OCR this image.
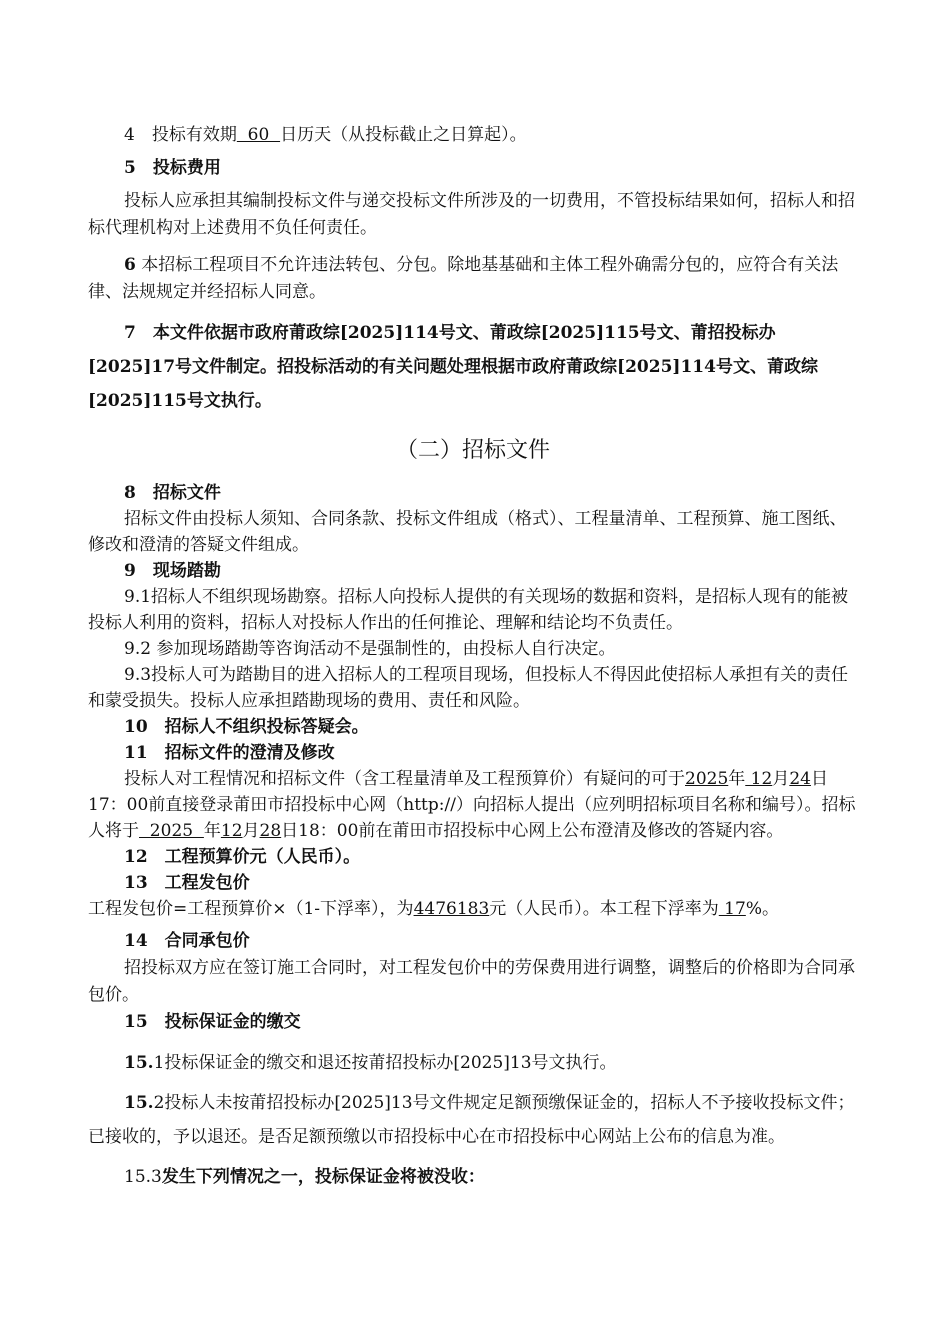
4　 投标有效期  60  日历天（从投标截止之日算起）。

5　投标费用

投标人应承担其编制投标文件与递交投标文件所涉及的一切费用，不管投标结果如何，招标人和招标代理机构对上述费用不负任何责任。

6 本招标工程项目不允许违法转包、分包。除地基基础和主体工程外确需分包的，应符合有关法律、法规规定并经招标人同意。

7　 本文件依据市政府莆政综[2025]114号文、莆政综[2025]115号文、莆招投标办[2025]17号文件制定。招投标活动的有关问题处理根据市政府莆政综[2025]114号文、莆政综[2025]115号文执行。

（二）招标文件

8　招标文件

招标文件由投标人须知、合同条款、投标文件组成（格式）、工程量清单、工程预算、施工图纸、修改和澄清的答疑文件组成。

9　现场踏勘

9.1招标人不组织现场勘察。招标人向投标人提供的有关现场的数据和资料，是招标人现有的能被投标人利用的资料，招标人对投标人作出的任何推论、理解和结论均不负责任。

9.2 参加现场踏勘等咨询活动不是强制性的，由投标人自行决定。

9.3投标人可为踏勘目的进入招标人的工程项目现场，但投标人不得因此使招标人承担有关的责任和蒙受损失。投标人应承担踏勘现场的费用、责任和风险。

10　招标人不组织投标答疑会。

11　招标文件的澄清及修改

投标人对工程情况和招标文件（含工程量清单及工程预算价）有疑问的可于2025年 12月24日17：00前直接登录莆田市招投标中心网（http://）向招标人提出（应列明招标项目名称和编号）。招标人将于  2025  年12月28日18：00前在莆田市招投标中心网上公布澄清及修改的答疑内容。

12　工程预算价元（人民币）。

13　工程发包价

工程发包价=工程预算价×（1-下浮率），为4476183元（人民币）。本工程下浮率为 17%。

14　合同承包价

招投标双方应在签订施工合同时，对工程发包价中的劳保费用进行调整，调整后的价格即为合同承包价。

15　投标保证金的缴交

15.1投标保证金的缴交和退还按莆招投标办[2025]13号文执行。

15.2投标人未按莆招投标办[2025]13号文件规定足额预缴保证金的，招标人不予接收投标文件；已接收的，予以退还。是否足额预缴以市招投标中心在市招投标中心网站上公布的信息为准。

15.3发生下列情况之一，投标保证金将被没收：
